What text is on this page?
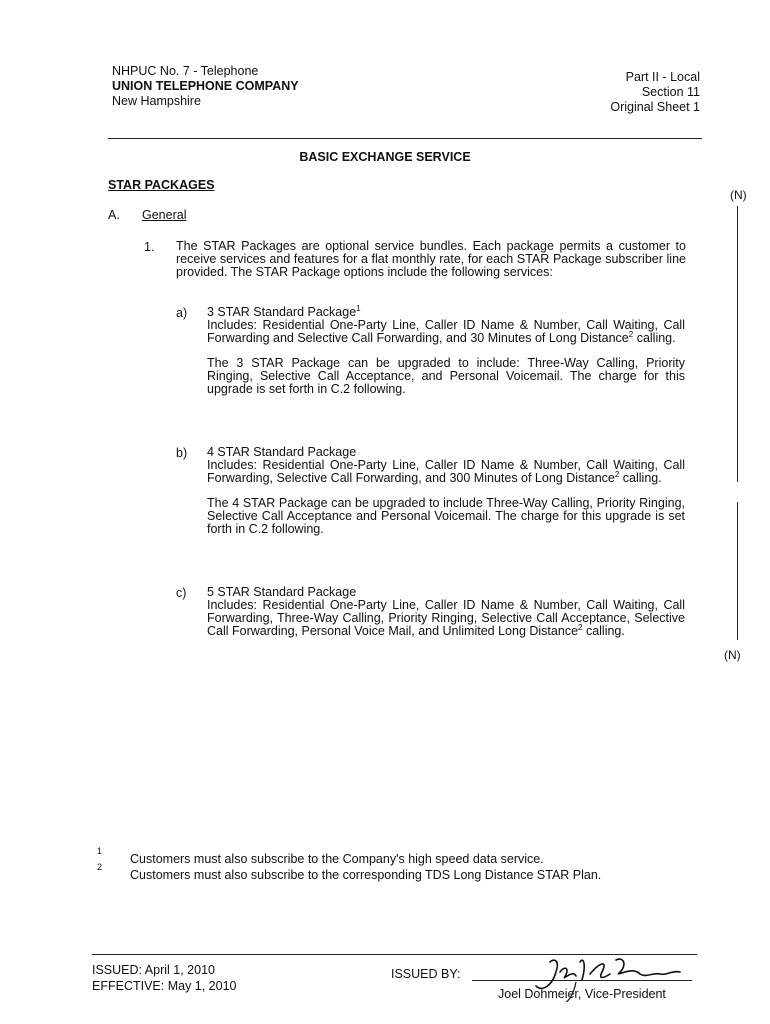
NHPUC No. 7 - Telephone
UNION TELEPHONE COMPANY
New Hampshire
Part II - Local
Section 11
Original Sheet 1
BASIC EXCHANGE SERVICE
STAR PACKAGES
(N)
(N)
A. General
1. The STAR Packages are optional service bundles. Each package permits a customer to receive services and features for a flat monthly rate, for each STAR Package subscriber line provided. The STAR Package options include the following services:
a) 3 STAR Standard Package$^1$
Includes: Residential One-Party Line, Caller ID Name & Number, Call Waiting, Call Forwarding and Selective Call Forwarding, and 30 Minutes of Long Distance$^2$ calling.
The 3 STAR Package can be upgraded to include: Three-Way Calling, Priority Ringing, Selective Call Acceptance, and Personal Voicemail. The charge for this upgrade is set forth in C.2 following.
b) 4 STAR Standard Package
Includes: Residential One-Party Line, Caller ID Name & Number, Call Waiting, Call Forwarding, Selective Call Forwarding, and 300 Minutes of Long Distance$^2$ calling.
The 4 STAR Package can be upgraded to include Three-Way Calling, Priority Ringing, Selective Call Acceptance and Personal Voicemail. The charge for this upgrade is set forth in C.2 following.
c) 5 STAR Standard Package
Includes: Residential One-Party Line, Caller ID Name & Number, Call Waiting, Call Forwarding, Three-Way Calling, Priority Ringing, Selective Call Acceptance, Selective Call Forwarding, Personal Voice Mail, and Unlimited Long Distance$^2$ calling.
1
Customers must also subscribe to the Company's high speed data service.
2
Customers must also subscribe to the corresponding TDS Long Distance STAR Plan.
ISSUED: April 1, 2010
EFFECTIVE: May 1, 2010
ISSUED BY:
Joel Dohmeier, Vice-President
